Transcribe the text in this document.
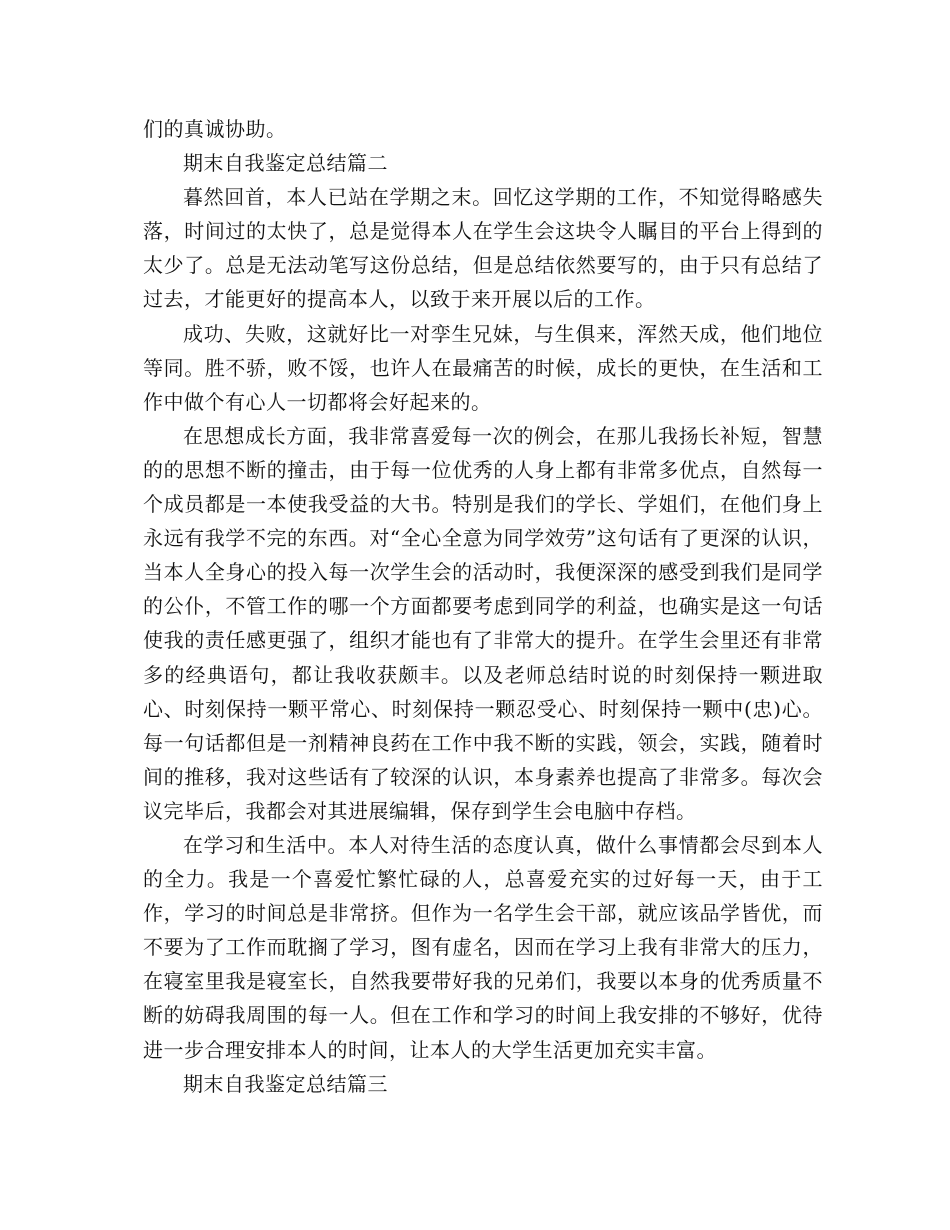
们的真诚协助。

期末自我鉴定总结篇二

暮然回首，本人已站在学期之末。回忆这学期的工作，不知觉得略感失落，时间过的太快了，总是觉得本人在学生会这块令人瞩目的平台上得到的太少了。总是无法动笔写这份总结，但是总结依然要写的，由于只有总结了过去，才能更好的提高本人，以致于来开展以后的工作。

成功、失败，这就好比一对孪生兄妹，与生俱来，浑然天成，他们地位等同。胜不骄，败不馁，也许人在最痛苦的时候，成长的更快，在生活和工作中做个有心人一切都将会好起来的。

在思想成长方面，我非常喜爱每一次的例会，在那儿我扬长补短，智慧的的思想不断的撞击，由于每一位优秀的人身上都有非常多优点，自然每一个成员都是一本使我受益的大书。特别是我们的学长、学姐们，在他们身上永远有我学不完的东西。对“全心全意为同学效劳”这句话有了更深的认识，当本人全身心的投入每一次学生会的活动时，我便深深的感受到我们是同学的公仆，不管工作的哪一个方面都要考虑到同学的利益，也确实是这一句话使我的责任感更强了，组织才能也有了非常大的提升。在学生会里还有非常多的经典语句，都让我收获颇丰。以及老师总结时说的时刻保持一颗进取心、时刻保持一颗平常心、时刻保持一颗忍受心、时刻保持一颗中(忠)心。每一句话都但是一剂精神良药在工作中我不断的实践，领会，实践，随着时间的推移，我对这些话有了较深的认识，本身素养也提高了非常多。每次会议完毕后，我都会对其进展编辑，保存到学生会电脑中存档。

在学习和生活中。本人对待生活的态度认真，做什么事情都会尽到本人的全力。我是一个喜爱忙繁忙碌的人，总喜爱充实的过好每一天，由于工作，学习的时间总是非常挤。但作为一名学生会干部，就应该品学皆优，而不要为了工作而耽搁了学习，图有虚名，因而在学习上我有非常大的压力，在寝室里我是寝室长，自然我要带好我的兄弟们，我要以本身的优秀质量不断的妨碍我周围的每一人。但在工作和学习的时间上我安排的不够好，优待进一步合理安排本人的时间，让本人的大学生活更加充实丰富。

期末自我鉴定总结篇三
